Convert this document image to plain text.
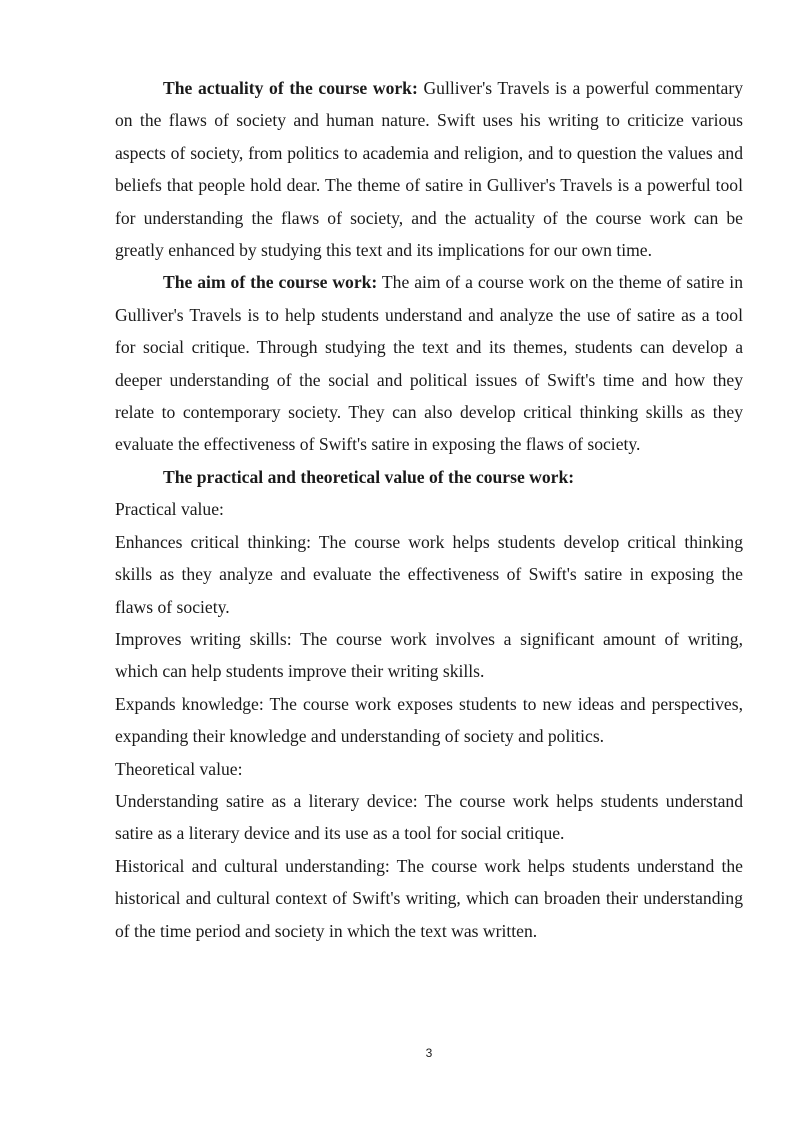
The actuality of the course work: Gulliver's Travels is a powerful commentary on the flaws of society and human nature. Swift uses his writing to criticize various aspects of society, from politics to academia and religion, and to question the values and beliefs that people hold dear. The theme of satire in Gulliver's Travels is a powerful tool for understanding the flaws of society, and the actuality of the course work can be greatly enhanced by studying this text and its implications for our own time.

The aim of the course work: The aim of a course work on the theme of satire in Gulliver's Travels is to help students understand and analyze the use of satire as a tool for social critique. Through studying the text and its themes, students can develop a deeper understanding of the social and political issues of Swift's time and how they relate to contemporary society. They can also develop critical thinking skills as they evaluate the effectiveness of Swift's satire in exposing the flaws of society.

The practical and theoretical value of the course work:

Practical value:

Enhances critical thinking: The course work helps students develop critical thinking skills as they analyze and evaluate the effectiveness of Swift's satire in exposing the flaws of society.

Improves writing skills: The course work involves a significant amount of writing, which can help students improve their writing skills.

Expands knowledge: The course work exposes students to new ideas and perspectives, expanding their knowledge and understanding of society and politics.

Theoretical value:

Understanding satire as a literary device: The course work helps students understand satire as a literary device and its use as a tool for social critique.

Historical and cultural understanding: The course work helps students understand the historical and cultural context of Swift's writing, which can broaden their understanding of the time period and society in which the text was written.

3
